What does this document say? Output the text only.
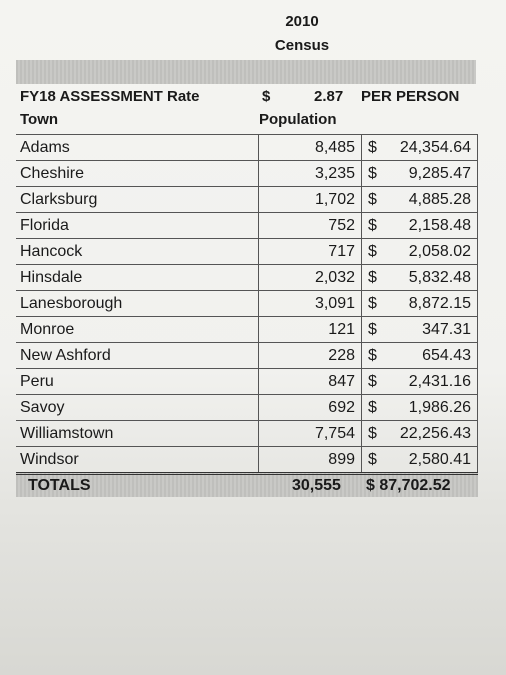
2010
Census
FY18 ASSESSMENT Rate	$	2.87 PER PERSON
Town	Population
Adams	8,485	$	24,354.64
Cheshire	3,235	$	9,285.47
Clarksburg	1,702	$	4,885.28
Florida	752	$	2,158.48
Hancock	717	$	2,058.02
Hinsdale	2,032	$	5,832.48
Lanesborough	3,091	$	8,872.15
Monroe	121	$	347.31
New Ashford	228	$	654.43
Peru	847	$	2,431.16
Savoy	692	$	1,986.26
Williamstown	7,754	$	22,256.43
Windsor	899	$	2,580.41
TOTALS	30,555 $ 87,702.52
